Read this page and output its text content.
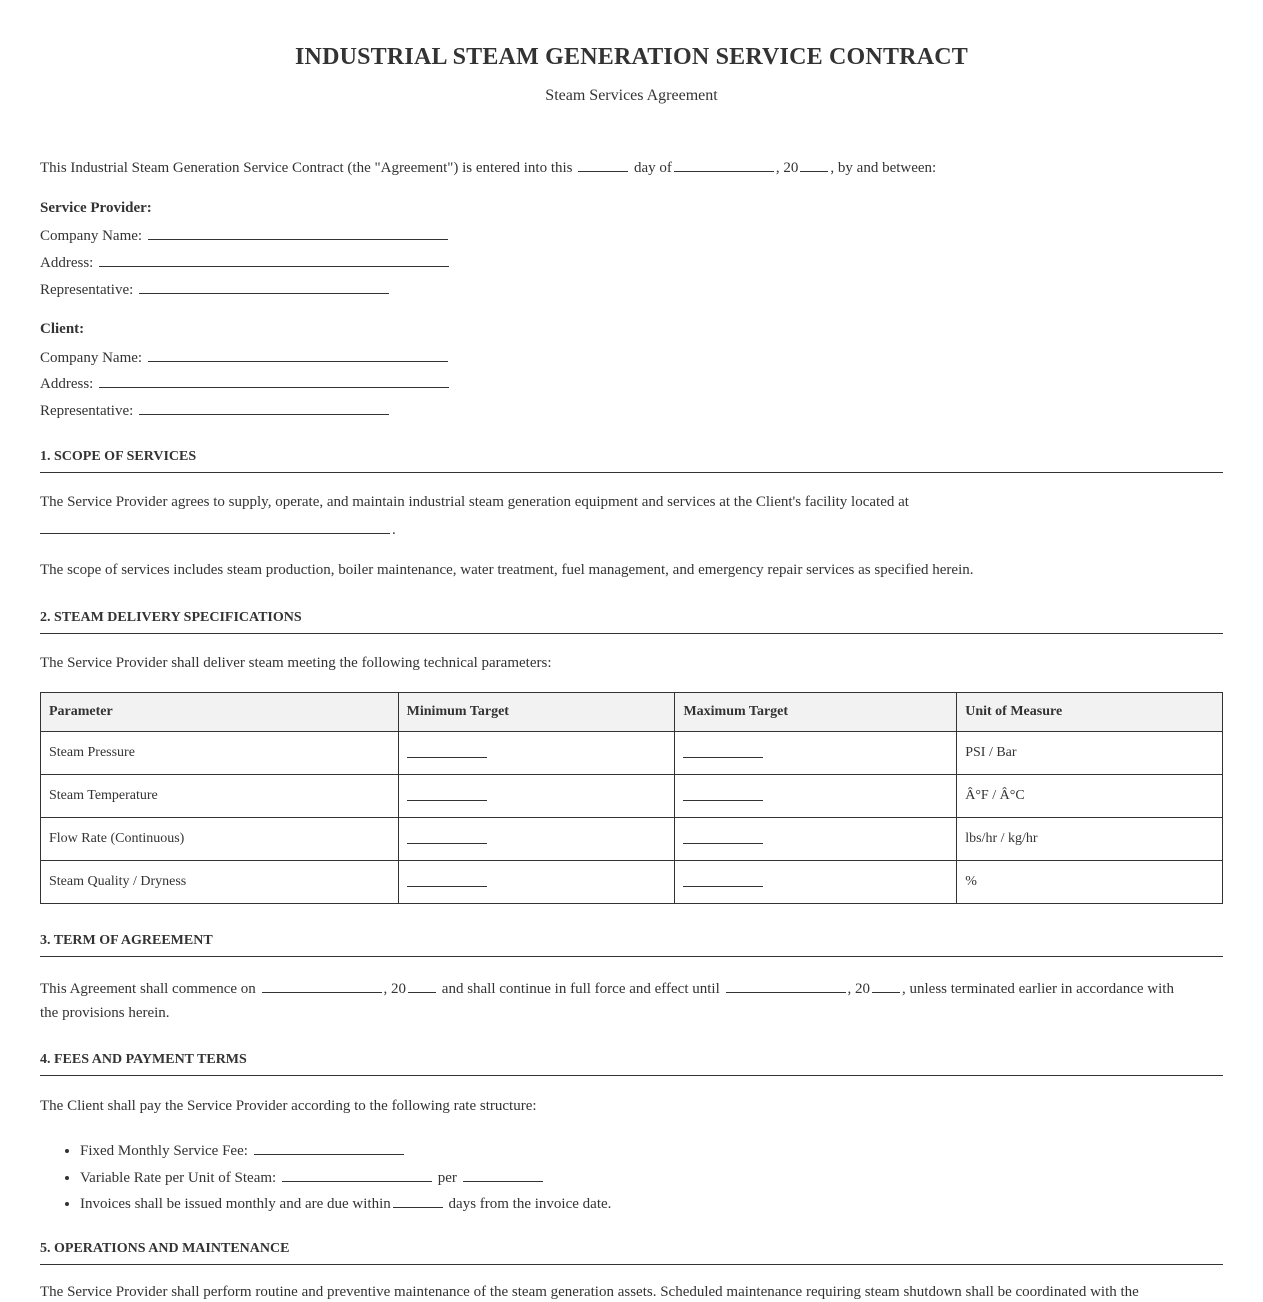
INDUSTRIAL STEAM GENERATION SERVICE CONTRACT
Steam Services Agreement
This Industrial Steam Generation Service Contract (the "Agreement") is entered into this	day of	, 20 , by and between:
Service Provider:
Company Name:
Address:
Representative:
Client:
Company Name:
Address:
Representative:
1. SCOPE OF SERVICES
The Service Provider agrees to supply, operate, and maintain industrial steam generation equipment and services at the Client's facility located at
.
The scope of services includes steam production, boiler maintenance, water treatment, fuel management, and emergency repair services as specified herein.
2. STEAM DELIVERY SPECIFICATIONS
The Service Provider shall deliver steam meeting the following technical parameters:
Parameter	Minimum Target	Maximum Target	Unit of Measure
Steam Pressure			PSI / Bar
Steam Temperature			Â°F / Â°C
Flow Rate (Continuous)			lbs/hr / kg/hr
Steam Quality / Dryness			%
3. TERM OF AGREEMENT
This Agreement shall commence on	, 20 and shall continue in full force and effect until	, 20 , unless terminated earlier in accordance with
the provisions herein.
4. FEES AND PAYMENT TERMS
The Client shall pay the Service Provider according to the following rate structure:
• Fixed Monthly Service Fee:
• Variable Rate per Unit of Steam:	per
• Invoices shall be issued monthly and are due within	days from the invoice date.
5. OPERATIONS AND MAINTENANCE
The Service Provider shall perform routine and preventive maintenance of the steam generation assets. Scheduled maintenance requiring steam shutdown shall be coordinated with the
